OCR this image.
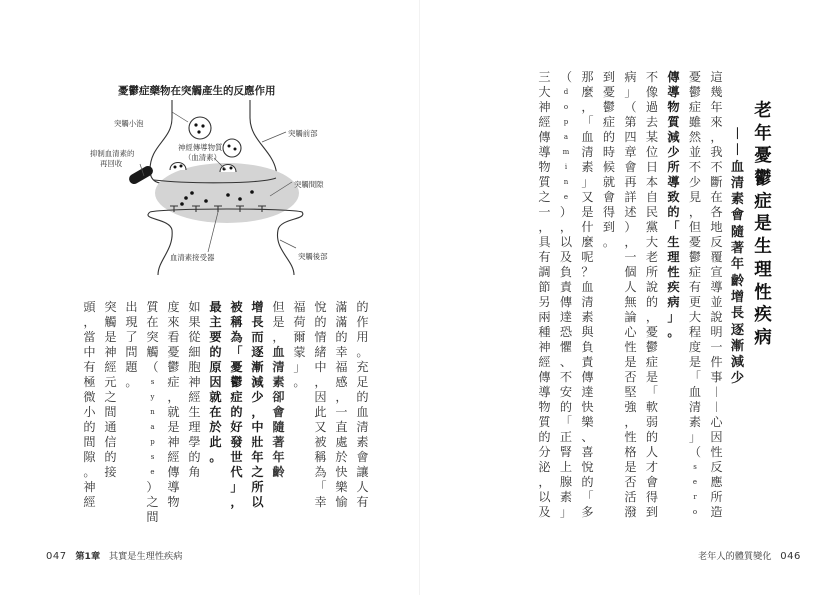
憂鬱症藥物在突觸產生的反應作用
突觸小泡
突觸前部
神經傳導物質
（血清素）
抑制血清素的
再回收
突觸間隙
血清素接受器	突觸後部
的
作
用
。
充
足
的
血
清
素
會
讓
人
有
滿
滿
的
幸
福
感
，
一
直
處
於
快
樂
愉
悅
的
情
緒
中
，
因
此
又
被
稱
為
「
幸
福
荷
爾
蒙
」
。
但
是
，
血
清
素
卻
會
隨
著
年
齡
增
長
而
逐
漸
減
少
，
中
壯
年
之
所
以
被
稱
為
「
憂
鬱
症
的
好
發
世
代
」
，
最
主
要
的
原
因
就
在
於
此
。
如
果
從
細
胞
神
經
生
理
學
的
角
度
來
看
憂
鬱
症
，
就
是
神
經
傳
導
物
質
在
突
觸
（
s
y
n
a
p
s
e
）
之
間
出
現
了
問
題
。
突
觸
是
神
經
元
之
間
通
信
的
接
頭
，
當
中
有
極
微
小
的
間
隙
。
神
經
047 第1章 其實是生理性疾病
老
年
憂
鬱
症
是
生
理
性
疾
病
︱
︱
血
清
素
會
隨
著
年
齡
增
長
逐
漸
減
少
這
幾
年
來
，
我
不
斷
在
各
地
反
覆
宣
導
並
說
明
一
件
事
︱
︱
心
因
性
反
應
所
造
憂
鬱
症
雖
然
並
不
少
見
，
但
憂
鬱
症
有
更
大
程
度
是
「
血
清
素
」
（
s
e
r
o
傳
導
物
質
減
少
所
導
致
的
「
生
理
性
疾
病
」
。
不
像
過
去
某
位
日
本
自
民
黨
大
老
所
說
的
，
憂
鬱
症
是
「
軟
弱
的
人
才
會
得
到
病
」
（
第
四
章
會
再
詳
述
）
，
一
個
人
無
論
心
性
是
否
堅
強
，
性
格
是
否
活
潑
到
憂
鬱
症
的
時
候
就
會
得
到
。
那
麼
，
「
血
清
素
」
又
是
什
麼
呢
？
血
清
素
與
負
責
傳
達
快
樂
、
喜
悅
的
「
多
（
d
o
p
a
m
i
n
e
）
，
以
及
負
責
傳
達
恐
懼
、
不
安
的
「
正
腎
上
腺
素
」
三
大
神
經
傳
導
物
質
之
一
，
具
有
調
節
另
兩
種
神
經
傳
導
物
質
的
分
泌
，
以
及
老年人的體質變化 046
